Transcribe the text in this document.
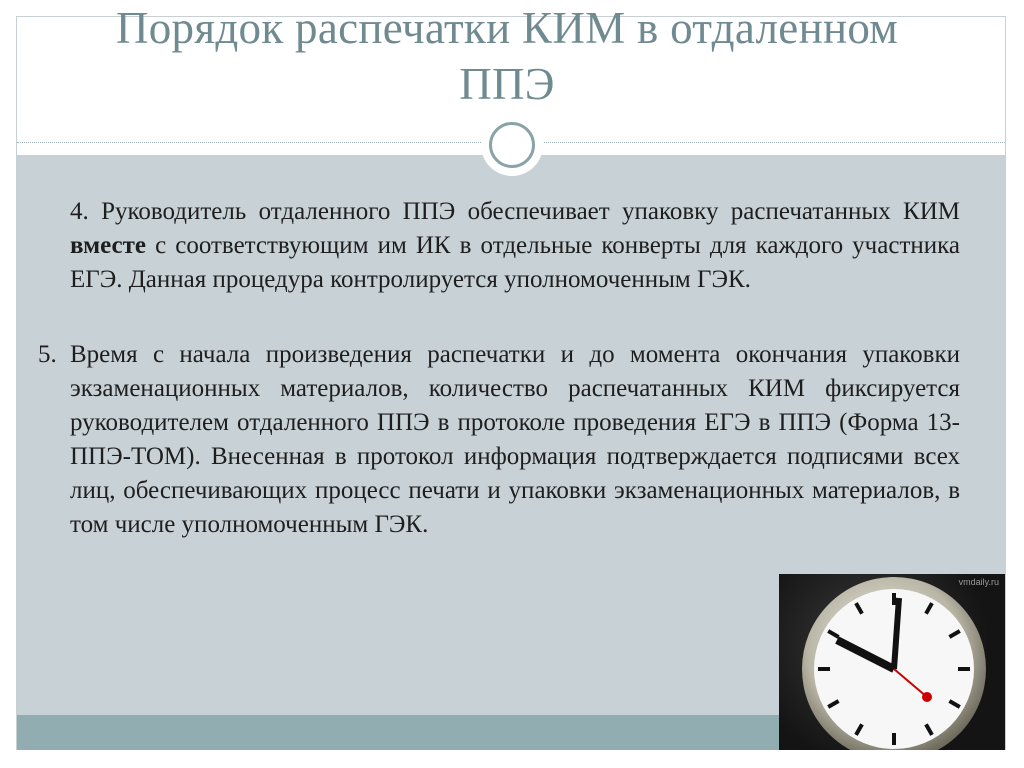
Порядок распечатки КИМ в отдаленном
ППЭ
4. Руководитель отдаленного ППЭ обеспечивает упаковку распечатанных КИМ вместе с соответствующим им ИК в отдельные конверты для каждого участника ЕГЭ. Данная процедура контролируется уполномоченным ГЭК.
5. Время с начала произведения распечатки и до момента окончания упаковки экзаменационных материалов, количество распечатанных КИМ фиксируется руководителем отдаленного ППЭ в протоколе проведения ЕГЭ в ППЭ (Форма 13-ППЭ-ТОМ). Внесенная в протокол информация подтверждается подписями всех лиц, обеспечивающих процесс печати и упаковки экзаменационных материалов, в том числе уполномоченным ГЭК.
vmdaily.ru
